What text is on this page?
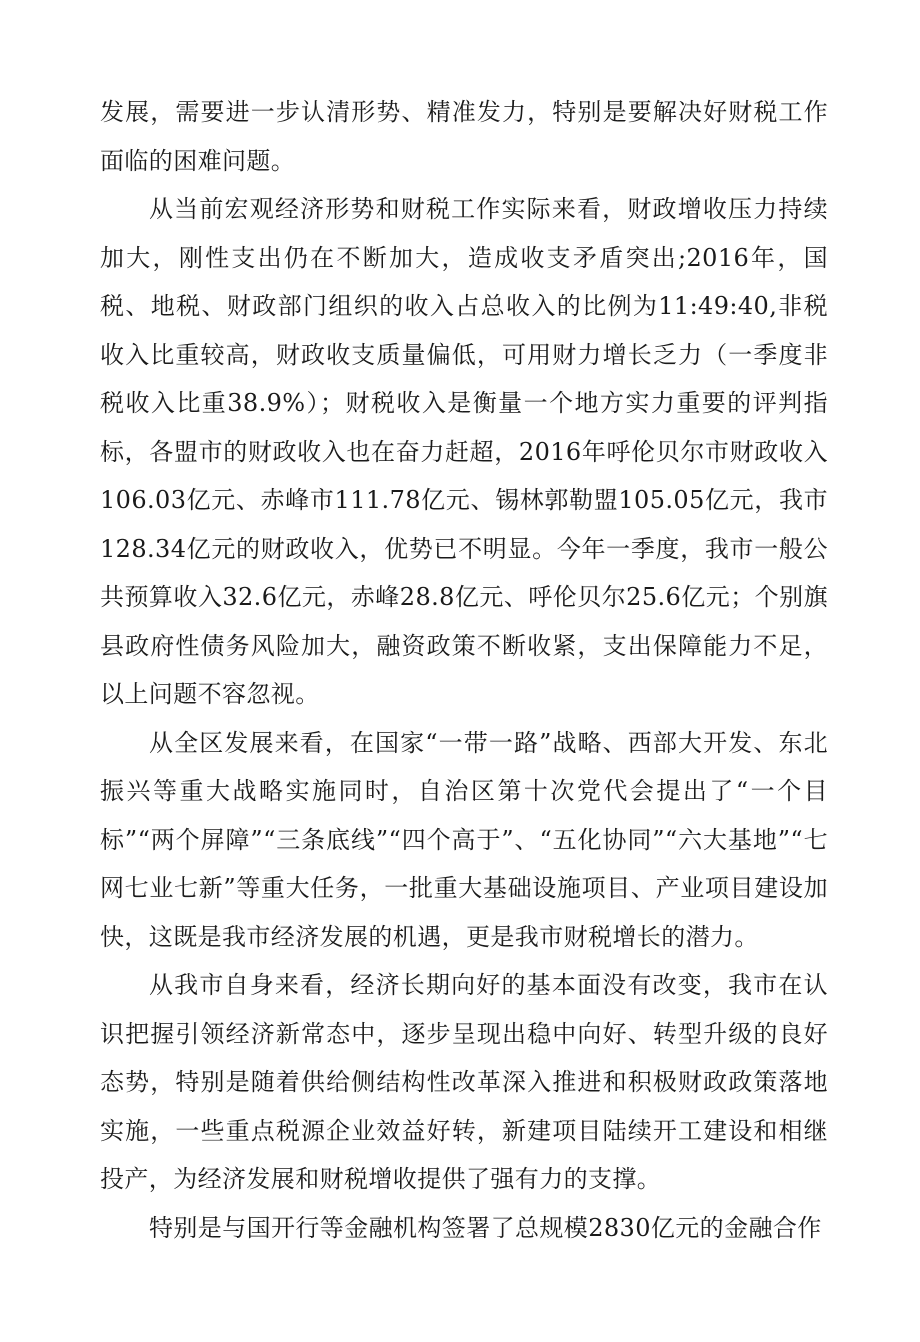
发展，需要进一步认清形势、精准发力，特别是要解决好财税工作面临的困难问题。

从当前宏观经济形势和财税工作实际来看，财政增收压力持续加大，刚性支出仍在不断加大，造成收支矛盾突出;2016年，国税、地税、财政部门组织的收入占总收入的比例为11:49:40,非税收入比重较高，财政收支质量偏低，可用财力增长乏力（一季度非税收入比重38.9%）；财税收入是衡量一个地方实力重要的评判指标，各盟市的财政收入也在奋力赶超，2016年呼伦贝尔市财政收入106.03亿元、赤峰市111.78亿元、锡林郭勒盟105.05亿元，我市128.34亿元的财政收入，优势已不明显。今年一季度，我市一般公共预算收入32.6亿元，赤峰28.8亿元、呼伦贝尔25.6亿元；个别旗县政府性债务风险加大，融资政策不断收紧，支出保障能力不足，以上问题不容忽视。

从全区发展来看，在国家“一带一路”战略、西部大开发、东北振兴等重大战略实施同时，自治区第十次党代会提出了“一个目标”“两个屏障”“三条底线”“四个高于”、“五化协同”“六大基地”“七网七业七新”等重大任务，一批重大基础设施项目、产业项目建设加快，这既是我市经济发展的机遇，更是我市财税增长的潜力。

从我市自身来看，经济长期向好的基本面没有改变，我市在认识把握引领经济新常态中，逐步呈现出稳中向好、转型升级的良好态势，特别是随着供给侧结构性改革深入推进和积极财政政策落地实施，一些重点税源企业效益好转，新建项目陆续开工建设和相继投产，为经济发展和财税增收提供了强有力的支撑。

特别是与国开行等金融机构签署了总规模2830亿元的金融合作
